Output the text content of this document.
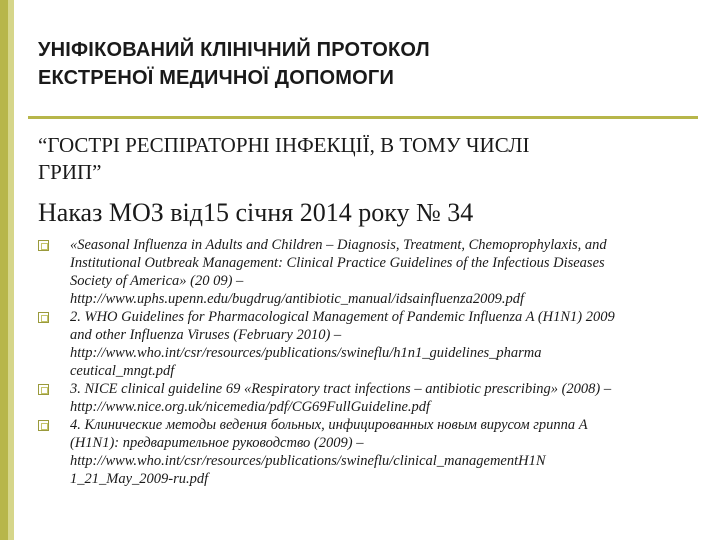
УНІФІКОВАНИЙ КЛІНІЧНИЙ ПРОТОКОЛ
ЕКСТРЕНОЇ МЕДИЧНОЇ ДОПОМОГИ
“ГОСТРІ РЕСПІРАТОРНІ ІНФЕКЦІЇ, В ТОМУ ЧИСЛІ
ГРИП”

Наказ МОЗ від15 січня 2014 року № 34

«Seasonal Influenza in Adults and Children – Diagnosis, Treatment, Chemoprophylaxis, and
Institutional Outbreak Management: Clinical Practice Guidelines of the Infectious Diseases
Society of America» (20 09) –
http://www.uphs.upenn.edu/bugdrug/antibiotic_manual/idsainfluenza2009.pdf
2. WHO Guidelines for Pharmacological Management of Pandemic Influenza A (H1N1) 2009
and other Influenza Viruses (February 2010) –
http://www.who.int/csr/resources/publications/swineflu/h1n1_guidelines_pharma
ceutical_mngt.pdf
3. NICE clinical guideline 69 «Respiratory tract infections – antibiotic prescribing» (2008) –
http://www.nice.org.uk/nicemedia/pdf/CG69FullGuideline.pdf
4. Клинические методы ведения больных, инфицированных новым вирусом гриппа А
(H1N1): предварительное руководство (2009) –
http://www.who.int/csr/resources/publications/swineflu/clinical_managementH1N
1_21_May_2009-ru.pdf
